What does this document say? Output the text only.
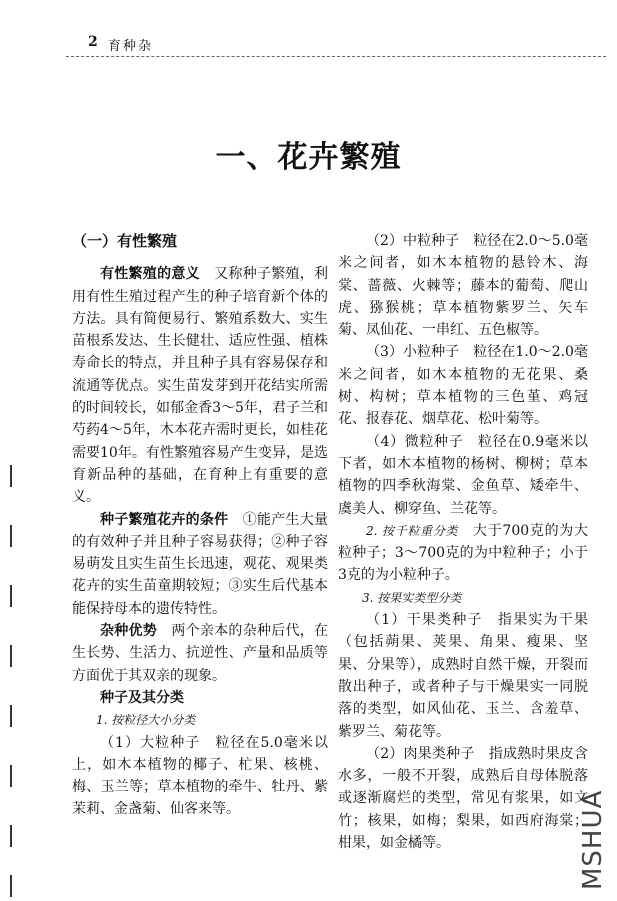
2 育种杂
一、花卉繁殖

（一）有性繁殖

有性繁殖的意义　 又称种子繁殖，利用有性生殖过程产生的种子培育新个体的方法。具有简便易行、繁殖系数大、实生苗根系发达、生长健壮、适应性强、植株寿命长的特点，并且种子具有容易保存和流通等优点。实生苗发芽到开花结实所需的时间较长，如郁金香3～5年，君子兰和芍药4～5年，木本花卉需时更长，如桂花需要10年。有性繁殖容易产生变异，是选育新品种的基础，在育种上有重要的意义。

种子繁殖花卉的条件　 ①能产生大量的有效种子并且种子容易获得；②种子容易萌发且实生苗生长迅速，观花、观果类花卉的实生苗童期较短；③实生后代基本能保持母本的遗传特性。

杂种优势　 两个亲本的杂种后代，在生长势、生活力、抗逆性、产量和品质等方面优于其双亲的现象。

种子及其分类

1. 按粒径大小分类

（1）大粒种子　粒径在5.0毫米以上，如木本植物的椰子、杧果、核桃、梅、玉兰等；草本植物的牵牛、牡丹、紫茉莉、金盏菊、仙客来等。

（2）中粒种子　粒径在2.0～5.0毫米之间者，如木本植物的悬铃木、海棠、蔷薇、火棘等；藤本的葡萄、爬山虎、猕猴桃；草本植物紫罗兰、矢车菊、凤仙花、一串红、五色椒等。

（3）小粒种子　粒径在1.0～2.0毫米之间者，如木本植物的无花果、桑树、构树；草本植物的三色堇、鸡冠花、报春花、烟草花、松叶菊等。

（4）微粒种子　粒径在0.9毫米以下者，如木本植物的杨树、柳树；草本植物的四季秋海棠、金鱼草、矮牵牛、虞美人、柳穿鱼、兰花等。

2. 按千粒重分类　 大于700克的为大粒种子；3～700克的为中粒种子；小于3克的为小粒种子。

3. 按果实类型分类

（1）干果类种子　指果实为干果（包括蒴果、荚果、角果、瘦果、坚果、分果等），成熟时自然干燥，开裂而散出种子，或者种子与干燥果实一同脱落的类型，如风仙花、玉兰、含羞草、紫罗兰、菊花等。

（2）肉果类种子　指成熟时果皮含水多，一般不开裂，成熟后自母体脱落或逐渐腐烂的类型，常见有浆果，如文竹；核果，如梅；梨果，如西府海棠；柑果，如金橘等。	MSHUA
